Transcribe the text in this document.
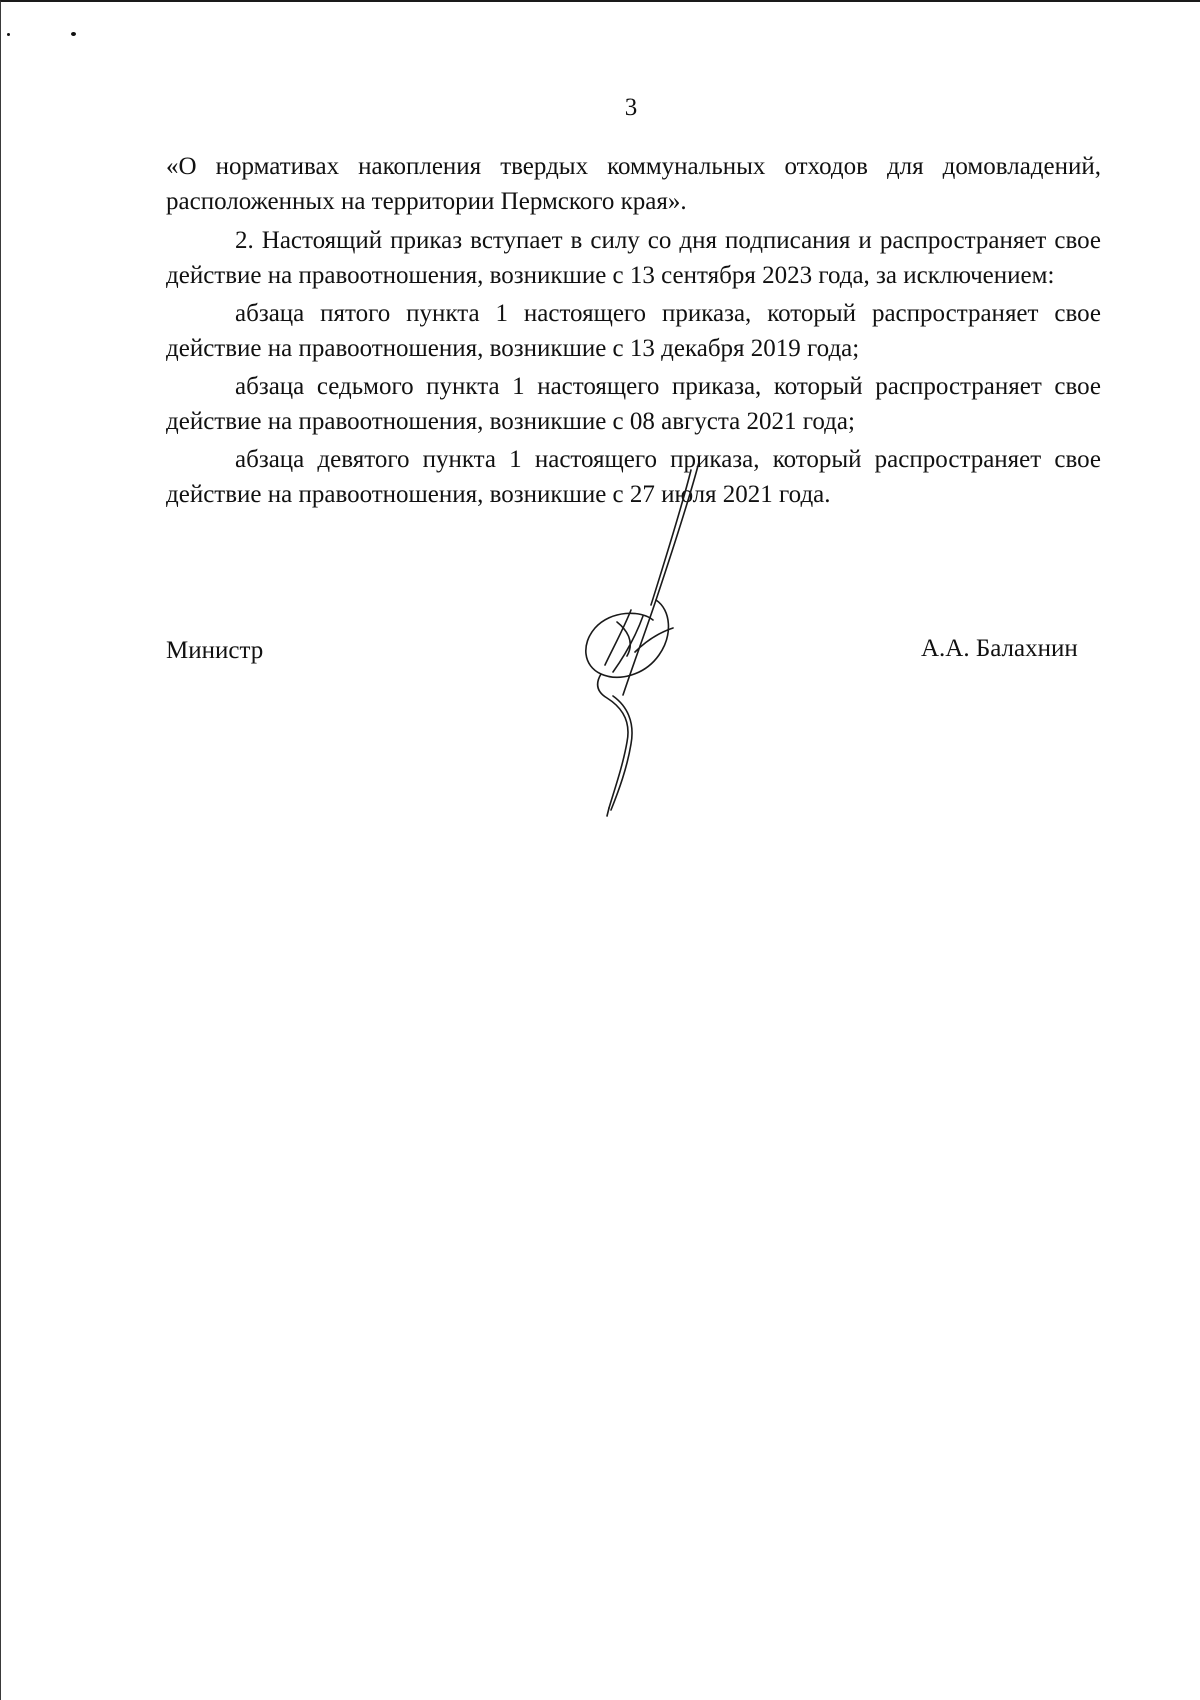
3

«О нормативах накопления твердых коммунальных отходов для домовладений, расположенных на территории Пермского края».

2. Настоящий приказ вступает в силу со дня подписания и распространяет свое действие на правоотношения, возникшие с 13 сентября 2023 года, за исключением:

абзаца пятого пункта 1 настоящего приказа, который распространяет свое действие на правоотношения, возникшие с 13 декабря 2019 года;

абзаца седьмого пункта 1 настоящего приказа, который распространяет свое действие на правоотношения, возникшие с 08 августа 2021 года;

абзаца девятого пункта 1 настоящего приказа, который распространяет свое действие на правоотношения, возникшие с 27 июля 2021 года.

Министр	А.А. Балахнин
